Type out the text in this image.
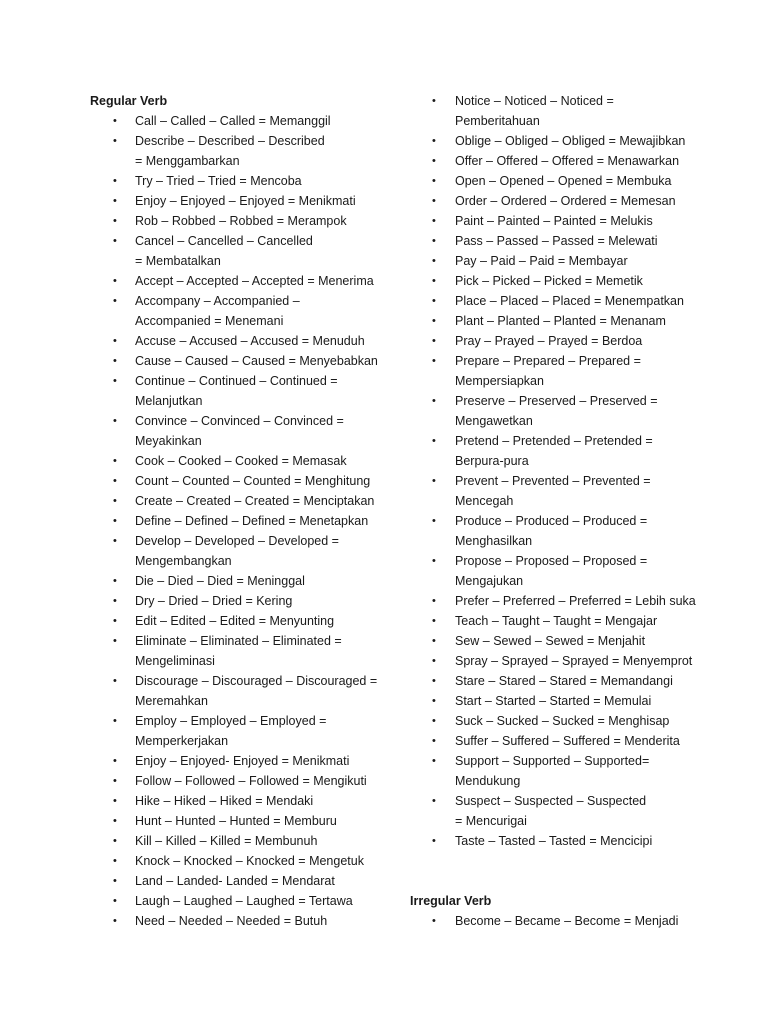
Regular Verb

• Call – Called – Called = Memanggil
• Describe – Described – Described
= Menggambarkan
• Try – Tried – Tried = Mencoba
• Enjoy – Enjoyed – Enjoyed = Menikmati
• Rob – Robbed – Robbed = Merampok
• Cancel – Cancelled – Cancelled
= Membatalkan
• Accept – Accepted – Accepted = Menerima
• Accompany – Accompanied –
Accompanied = Menemani
• Accuse – Accused – Accused = Menuduh
• Cause – Caused – Caused = Menyebabkan
• Continue – Continued – Continued =
Melanjutkan
• Convince – Convinced – Convinced =
Meyakinkan
• Cook – Cooked – Cooked = Memasak
• Count – Counted – Counted = Menghitung
• Create – Created – Created = Menciptakan
• Define – Defined – Defined = Menetapkan
• Develop – Developed – Developed =
Mengembangkan
• Die – Died – Died = Meninggal
• Dry – Dried – Dried = Kering
• Edit – Edited – Edited = Menyunting
• Eliminate – Eliminated – Eliminated =
Mengeliminasi
• Discourage – Discouraged – Discouraged =
Meremahkan
• Employ – Employed – Employed =
Memperkerjakan
• Enjoy – Enjoyed- Enjoyed = Menikmati
• Follow – Followed – Followed = Mengikuti
• Hike – Hiked – Hiked = Mendaki
• Hunt – Hunted – Hunted = Memburu
• Kill – Killed – Killed = Membunuh
• Knock – Knocked – Knocked = Mengetuk
• Land – Landed- Landed = Mendarat
• Laugh – Laughed – Laughed = Tertawa
• Need – Needed – Needed = Butuh
• Notice – Noticed – Noticed =
Pemberitahuan
• Oblige – Obliged – Obliged = Mewajibkan
• Offer – Offered – Offered = Menawarkan
• Open – Opened – Opened = Membuka
• Order – Ordered – Ordered = Memesan
• Paint – Painted – Painted = Melukis
• Pass – Passed – Passed = Melewati
• Pay – Paid – Paid = Membayar
• Pick – Picked – Picked = Memetik
• Place – Placed – Placed = Menempatkan
• Plant – Planted – Planted = Menanam
• Pray – Prayed – Prayed = Berdoa
• Prepare – Prepared – Prepared =
Mempersiapkan
• Preserve – Preserved – Preserved =
Mengawetkan
• Pretend – Pretended – Pretended =
Berpura-pura
• Prevent – Prevented – Prevented =
Mencegah
• Produce – Produced – Produced =
Menghasilkan
• Propose – Proposed – Proposed =
Mengajukan
• Prefer – Preferred – Preferred = Lebih suka
• Teach – Taught – Taught = Mengajar
• Sew – Sewed – Sewed = Menjahit
• Spray – Sprayed – Sprayed = Menyemprot
• Stare – Stared – Stared = Memandangi
• Start – Started – Started = Memulai
• Suck – Sucked – Sucked = Menghisap
• Suffer – Suffered – Suffered = Menderita
• Support – Supported – Supported=
Mendukung
• Suspect – Suspected – Suspected
= Mencurigai
• Taste – Tasted – Tasted = Mencicipi

Irregular Verb

• Become – Became – Become = Menjadi
